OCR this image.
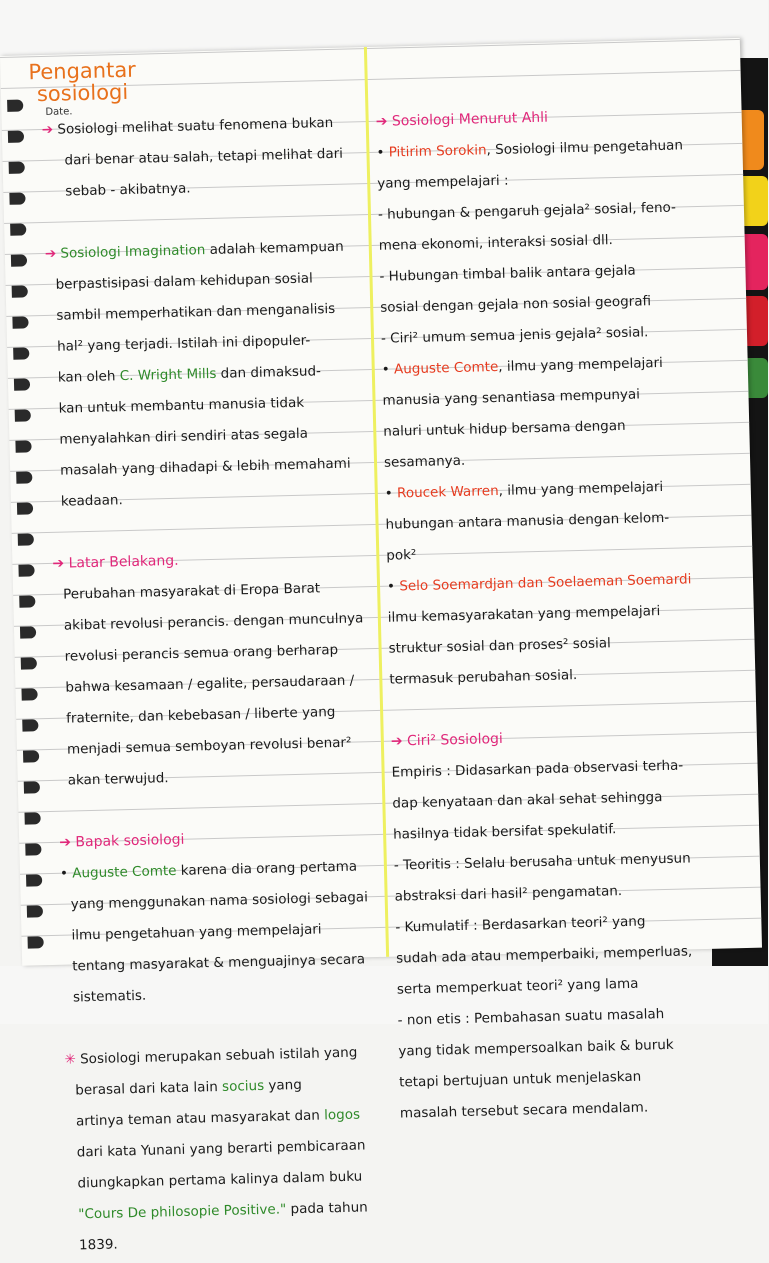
Pengantar
sosiologi
Date.
➔ Sosiologi melihat suatu fenomena bukan
dari benar atau salah, tetapi melihat dari
sebab - akibatnya.
➔ Sosiologi Imagination adalah kemampuan
berpastisipasi dalam kehidupan sosial
sambil memperhatikan dan menganalisis
hal² yang terjadi. Istilah ini dipopuler-
kan oleh C. Wright Mills dan dimaksud-
kan untuk membantu manusia tidak
menyalahkan diri sendiri atas segala
masalah yang dihadapi & lebih memahami
keadaan.
➔ Latar Belakang.
Perubahan masyarakat di Eropa Barat
akibat revolusi perancis. dengan munculnya
revolusi perancis semua orang berharap
bahwa kesamaan / egalite, persaudaraan /
fraternite, dan kebebasan / liberte yang
menjadi semua semboyan revolusi benar²
akan terwujud.
➔ Bapak sosiologi
• Auguste Comte karena dia orang pertama
yang menggunakan nama sosiologi sebagai
ilmu pengetahuan yang mempelajari
tentang masyarakat & menguajinya secara
sistematis.
✳ Sosiologi merupakan sebuah istilah yang
berasal dari kata lain socius yang
artinya teman atau masyarakat dan logos
dari kata Yunani yang berarti pembicaraan
diungkapkan pertama kalinya dalam buku
"Cours De philosopie Positive." pada tahun
1839.
➔ Sosiologi Menurut Ahli
• Pitirim Sorokin, Sosiologi ilmu pengetahuan
yang mempelajari :
- hubungan & pengaruh gejala² sosial, feno-
mena ekonomi, interaksi sosial dll.
- Hubungan timbal balik antara gejala
sosial dengan gejala non sosial geografi
- Ciri² umum semua jenis gejala² sosial.
• Auguste Comte, ilmu yang mempelajari
manusia yang senantiasa mempunyai
naluri untuk hidup bersama dengan
sesamanya.
• Roucek Warren, ilmu yang mempelajari
hubungan antara manusia dengan kelom-
pok²
• Selo Soemardjan dan Soelaeman Soemardi
ilmu kemasyarakatan yang mempelajari
struktur sosial dan proses² sosial
termasuk perubahan sosial.
➔ Ciri² Sosiologi
Empiris : Didasarkan pada observasi terha-
dap kenyataan dan akal sehat sehingga
hasilnya tidak bersifat spekulatif.
- Teoritis : Selalu berusaha untuk menyusun
abstraksi dari hasil² pengamatan.
- Kumulatif : Berdasarkan teori² yang
sudah ada atau memperbaiki, memperluas,
serta memperkuat teori² yang lama
- non etis : Pembahasan suatu masalah
yang tidak mempersoalkan baik & buruk
tetapi bertujuan untuk menjelaskan
masalah tersebut secara mendalam.
